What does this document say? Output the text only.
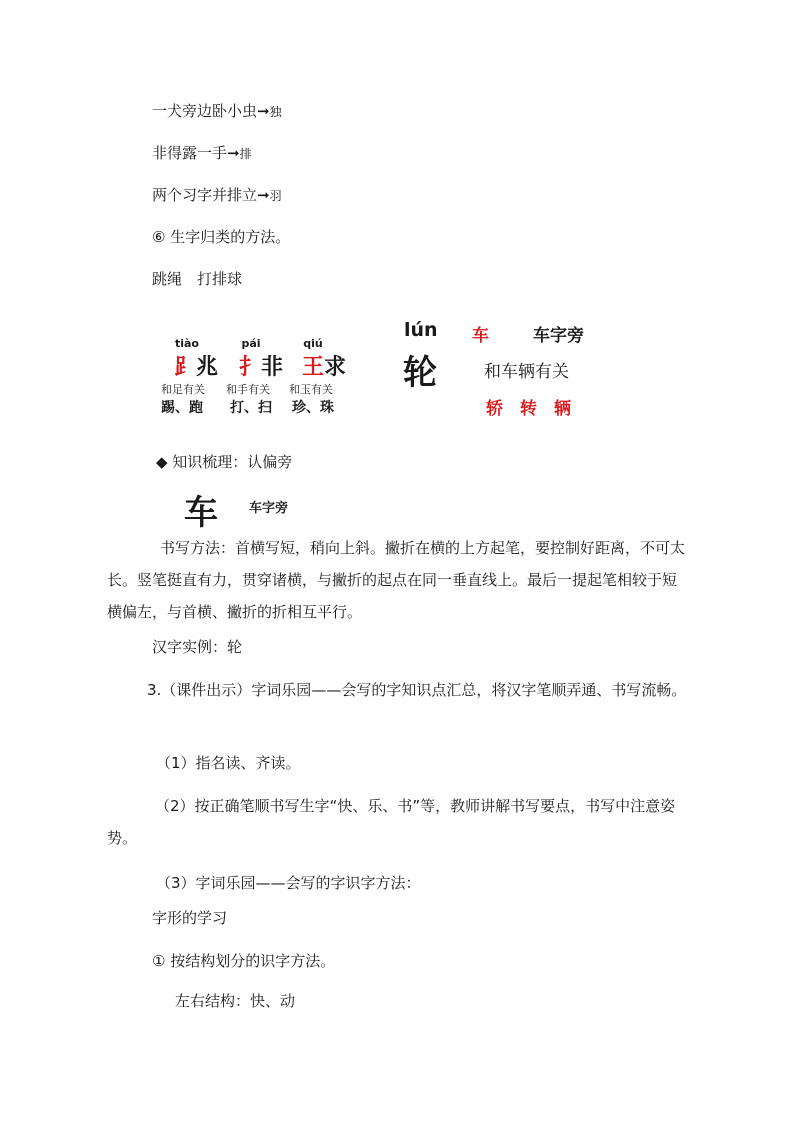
一犬旁边卧小虫➞独
非得露一手➞排
两个习字并排立➞羽
⑥ 生字归类的方法。
跳绳　打排球
tiào	pái	qiú
⻊兆 扌非 王求
和足有关 和手有关 和玉有关
踢、跑 打、扫 珍、珠
lún 车	车字旁
轮	和车辆有关
轿　转　辆
◆ 知识梳理：认偏旁
车 车字旁
书写方法：首横写短，稍向上斜。撇折在横的上方起笔，要控制好距离，不可太长。竖笔挺直有力，贯穿诸横，与撇折的起点在同一垂直线上。最后一提起笔相较于短横偏左，与首横、撇折的折相互平行。
汉字实例：轮
3.（课件出示）字词乐园——会写的字知识点汇总，将汉字笔顺弄通、书写流畅。
（1）指名读、齐读。
（2）按正确笔顺书写生字“快、乐、书”等，教师讲解书写要点，书写中注意姿势。
（3）字词乐园——会写的字识字方法：
字形的学习
① 按结构划分的识字方法。
左右结构：快、动
